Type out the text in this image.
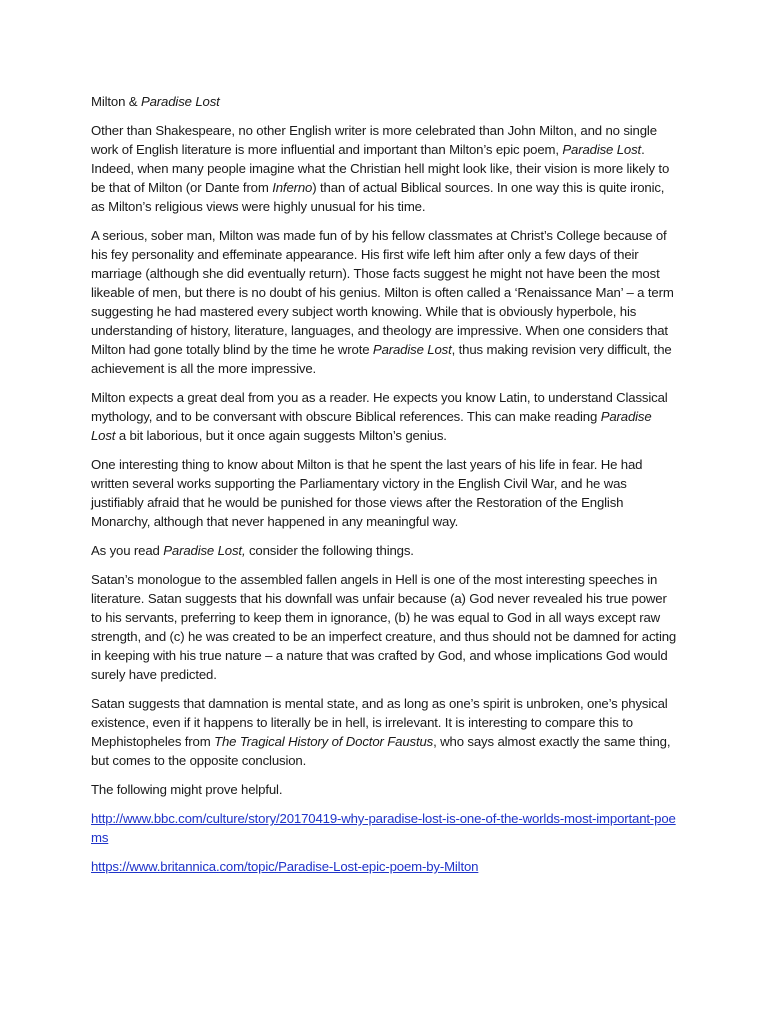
Milton & Paradise Lost

Other than Shakespeare, no other English writer is more celebrated than John Milton, and no single work of English literature is more influential and important than Milton’s epic poem, Paradise Lost. Indeed, when many people imagine what the Christian hell might look like, their vision is more likely to be that of Milton (or Dante from Inferno) than of actual Biblical sources. In one way this is quite ironic, as Milton’s religious views were highly unusual for his time.

A serious, sober man, Milton was made fun of by his fellow classmates at Christ’s College because of his fey personality and effeminate appearance. His first wife left him after only a few days of their marriage (although she did eventually return). Those facts suggest he might not have been the most likeable of men, but there is no doubt of his genius. Milton is often called a ‘Renaissance Man’ – a term suggesting he had mastered every subject worth knowing. While that is obviously hyperbole, his understanding of history, literature, languages, and theology are impressive. When one considers that Milton had gone totally blind by the time he wrote Paradise Lost, thus making revision very difficult, the achievement is all the more impressive.

Milton expects a great deal from you as a reader. He expects you know Latin, to understand Classical mythology, and to be conversant with obscure Biblical references. This can make reading Paradise Lost a bit laborious, but it once again suggests Milton’s genius.

One interesting thing to know about Milton is that he spent the last years of his life in fear. He had written several works supporting the Parliamentary victory in the English Civil War, and he was justifiably afraid that he would be punished for those views after the Restoration of the English Monarchy, although that never happened in any meaningful way.

As you read Paradise Lost, consider the following things.

Satan’s monologue to the assembled fallen angels in Hell is one of the most interesting speeches in literature. Satan suggests that his downfall was unfair because (a) God never revealed his true power to his servants, preferring to keep them in ignorance, (b) he was equal to God in all ways except raw strength, and (c) he was created to be an imperfect creature, and thus should not be damned for acting in keeping with his true nature – a nature that was crafted by God, and whose implications God would surely have predicted.

Satan suggests that damnation is mental state, and as long as one’s spirit is unbroken, one’s physical existence, even if it happens to literally be in hell, is irrelevant. It is interesting to compare this to Mephistopheles from The Tragical History of Doctor Faustus, who says almost exactly the same thing, but comes to the opposite conclusion.

The following might prove helpful.

http://www.bbc.com/culture/story/20170419-why-paradise-lost-is-one-of-the-worlds-most-important-poems

https://www.britannica.com/topic/Paradise-Lost-epic-poem-by-Milton
